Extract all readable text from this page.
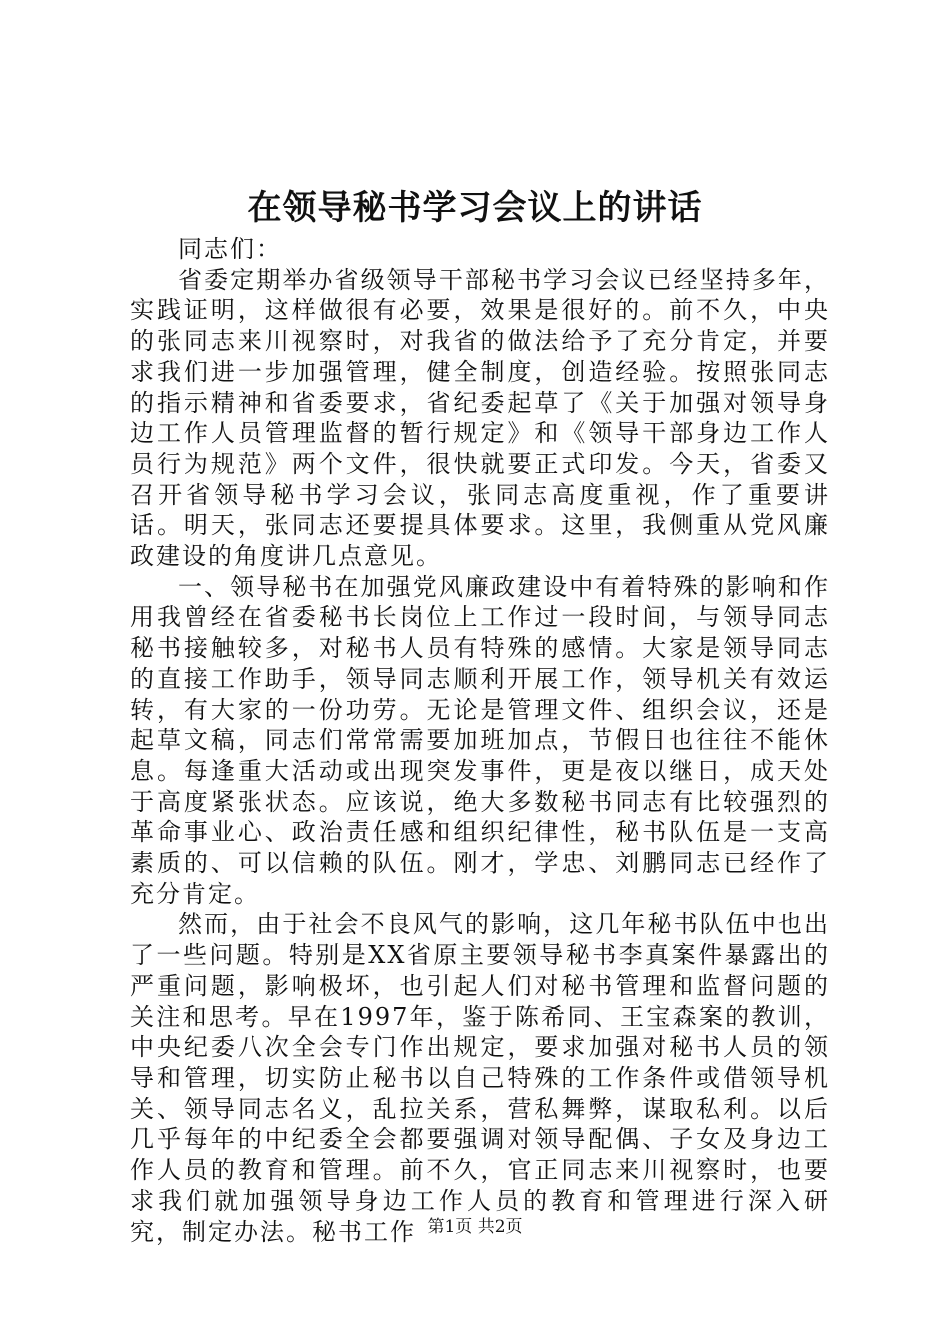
在领导秘书学习会议上的讲话

同志们：

省委定期举办省级领导干部秘书学习会议已经坚持多年，实践证明，这样做很有必要，效果是很好的。前不久，中央的张同志来川视察时，对我省的做法给予了充分肯定，并要求我们进一步加强管理，健全制度，创造经验。按照张同志的指示精神和省委要求，省纪委起草了《关于加强对领导身边工作人员管理监督的暂行规定》和《领导干部身边工作人员行为规范》两个文件，很快就要正式印发。今天，省委又召开省领导秘书学习会议，张同志高度重视，作了重要讲话。明天，张同志还要提具体要求。这里，我侧重从党风廉政建设的角度讲几点意见。

一、领导秘书在加强党风廉政建设中有着特殊的影响和作用我曾经在省委秘书长岗位上工作过一段时间，与领导同志秘书接触较多，对秘书人员有特殊的感情。大家是领导同志的直接工作助手，领导同志顺利开展工作，领导机关有效运转，有大家的一份功劳。无论是管理文件、组织会议，还是起草文稿，同志们常常需要加班加点，节假日也往往不能休息。每逢重大活动或出现突发事件，更是夜以继日，成天处于高度紧张状态。应该说，绝大多数秘书同志有比较强烈的革命事业心、政治责任感和组织纪律性，秘书队伍是一支高素质的、可以信赖的队伍。刚才，学忠、刘鹏同志已经作了充分肯定。

然而，由于社会不良风气的影响，这几年秘书队伍中也出了一些问题。特别是XX省原主要领导秘书李真案件暴露出的严重问题，影响极坏，也引起人们对秘书管理和监督问题的关注和思考。早在1997年，鉴于陈希同、王宝森案的教训，中央纪委八次全会专门作出规定，要求加强对秘书人员的领导和管理，切实防止秘书以自己特殊的工作条件或借领导机关、领导同志名义，乱拉关系，营私舞弊，谋取私利。以后几乎每年的中纪委全会都要强调对领导配偶、子女及身边工作人员的教育和管理。前不久，官正同志来川视察时，也要求我们就加强领导身边工作人员的教育和管理进行深入研究，制定办法。秘书工作 第1页 共2页
